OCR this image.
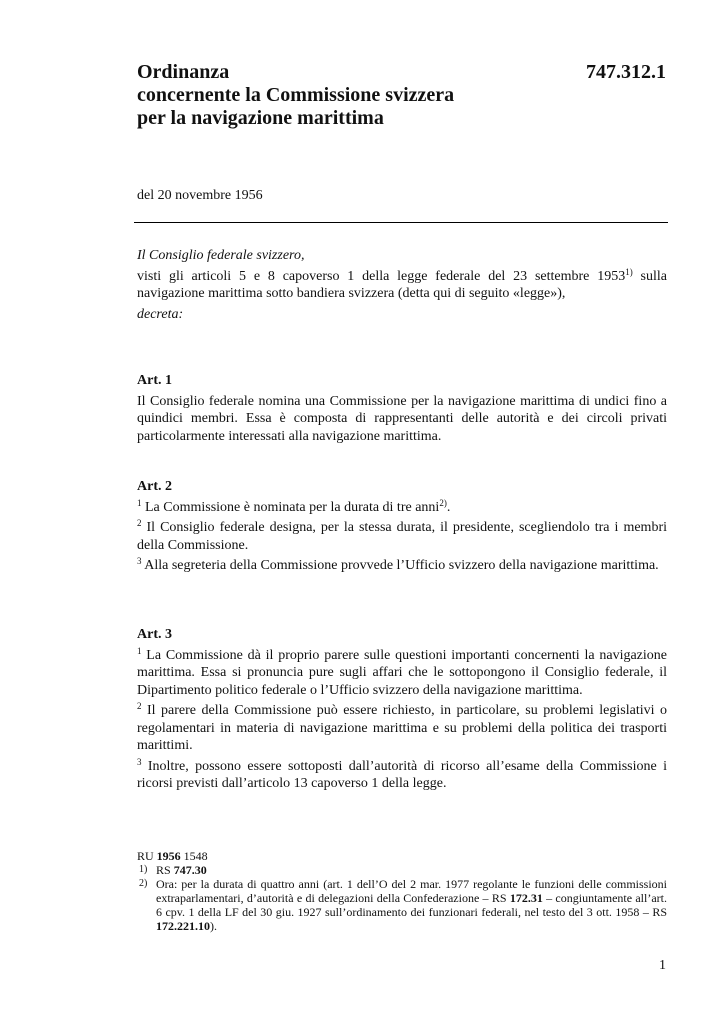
Ordinanza
concernente la Commissione svizzera
per la navigazione marittima
747.312.1
del 20 novembre 1956
Il Consiglio federale svizzero,
visti gli articoli 5 e 8 capoverso 1 della legge federale del 23 settembre 1953$^{1)}$ sulla navigazione marittima sotto bandiera svizzera (detta qui di seguito «legge»),
decreta:
Art. 1
Il Consiglio federale nomina una Commissione per la navigazione marittima di undici fino a quindici membri. Essa è composta di rappresentanti delle autorità e dei circoli privati particolarmente interessati alla navigazione marittima.
Art. 2
$^1$ La Commissione è nominata per la durata di tre anni$^{2)}$.
$^2$ Il Consiglio federale designa, per la stessa durata, il presidente, scegliendolo tra i membri della Commissione.
$^3$ Alla segreteria della Commissione provvede l’Ufficio svizzero della navigazione marittima.
Art. 3
$^1$ La Commissione dà il proprio parere sulle questioni importanti concernenti la navigazione marittima. Essa si pronuncia pure sugli affari che le sottopongono il Consiglio federale, il Dipartimento politico federale o l’Ufficio svizzero della navigazione marittima.
$^2$ Il parere della Commissione può essere richiesto, in particolare, su problemi legislativi o regolamentari in materia di navigazione marittima e su problemi della politica dei trasporti marittimi.
$^3$ Inoltre, possono essere sottoposti dall’autorità di ricorso all’esame della Commissione i ricorsi previsti dall’articolo 13 capoverso 1 della legge.
RU 1956 1548
1) RS 747.30
2) Ora: per la durata di quattro anni (art. 1 dell’O del 2 mar. 1977 regolante le funzioni delle commissioni extraparlamentari, d’autorità e di delegazioni della Confederazione – RS 172.31 – congiuntamente all’art. 6 cpv. 1 della LF del 30 giu. 1927 sull’ordinamento dei funzionari federali, nel testo del 3 ott. 1958 – RS 172.221.10).
1
